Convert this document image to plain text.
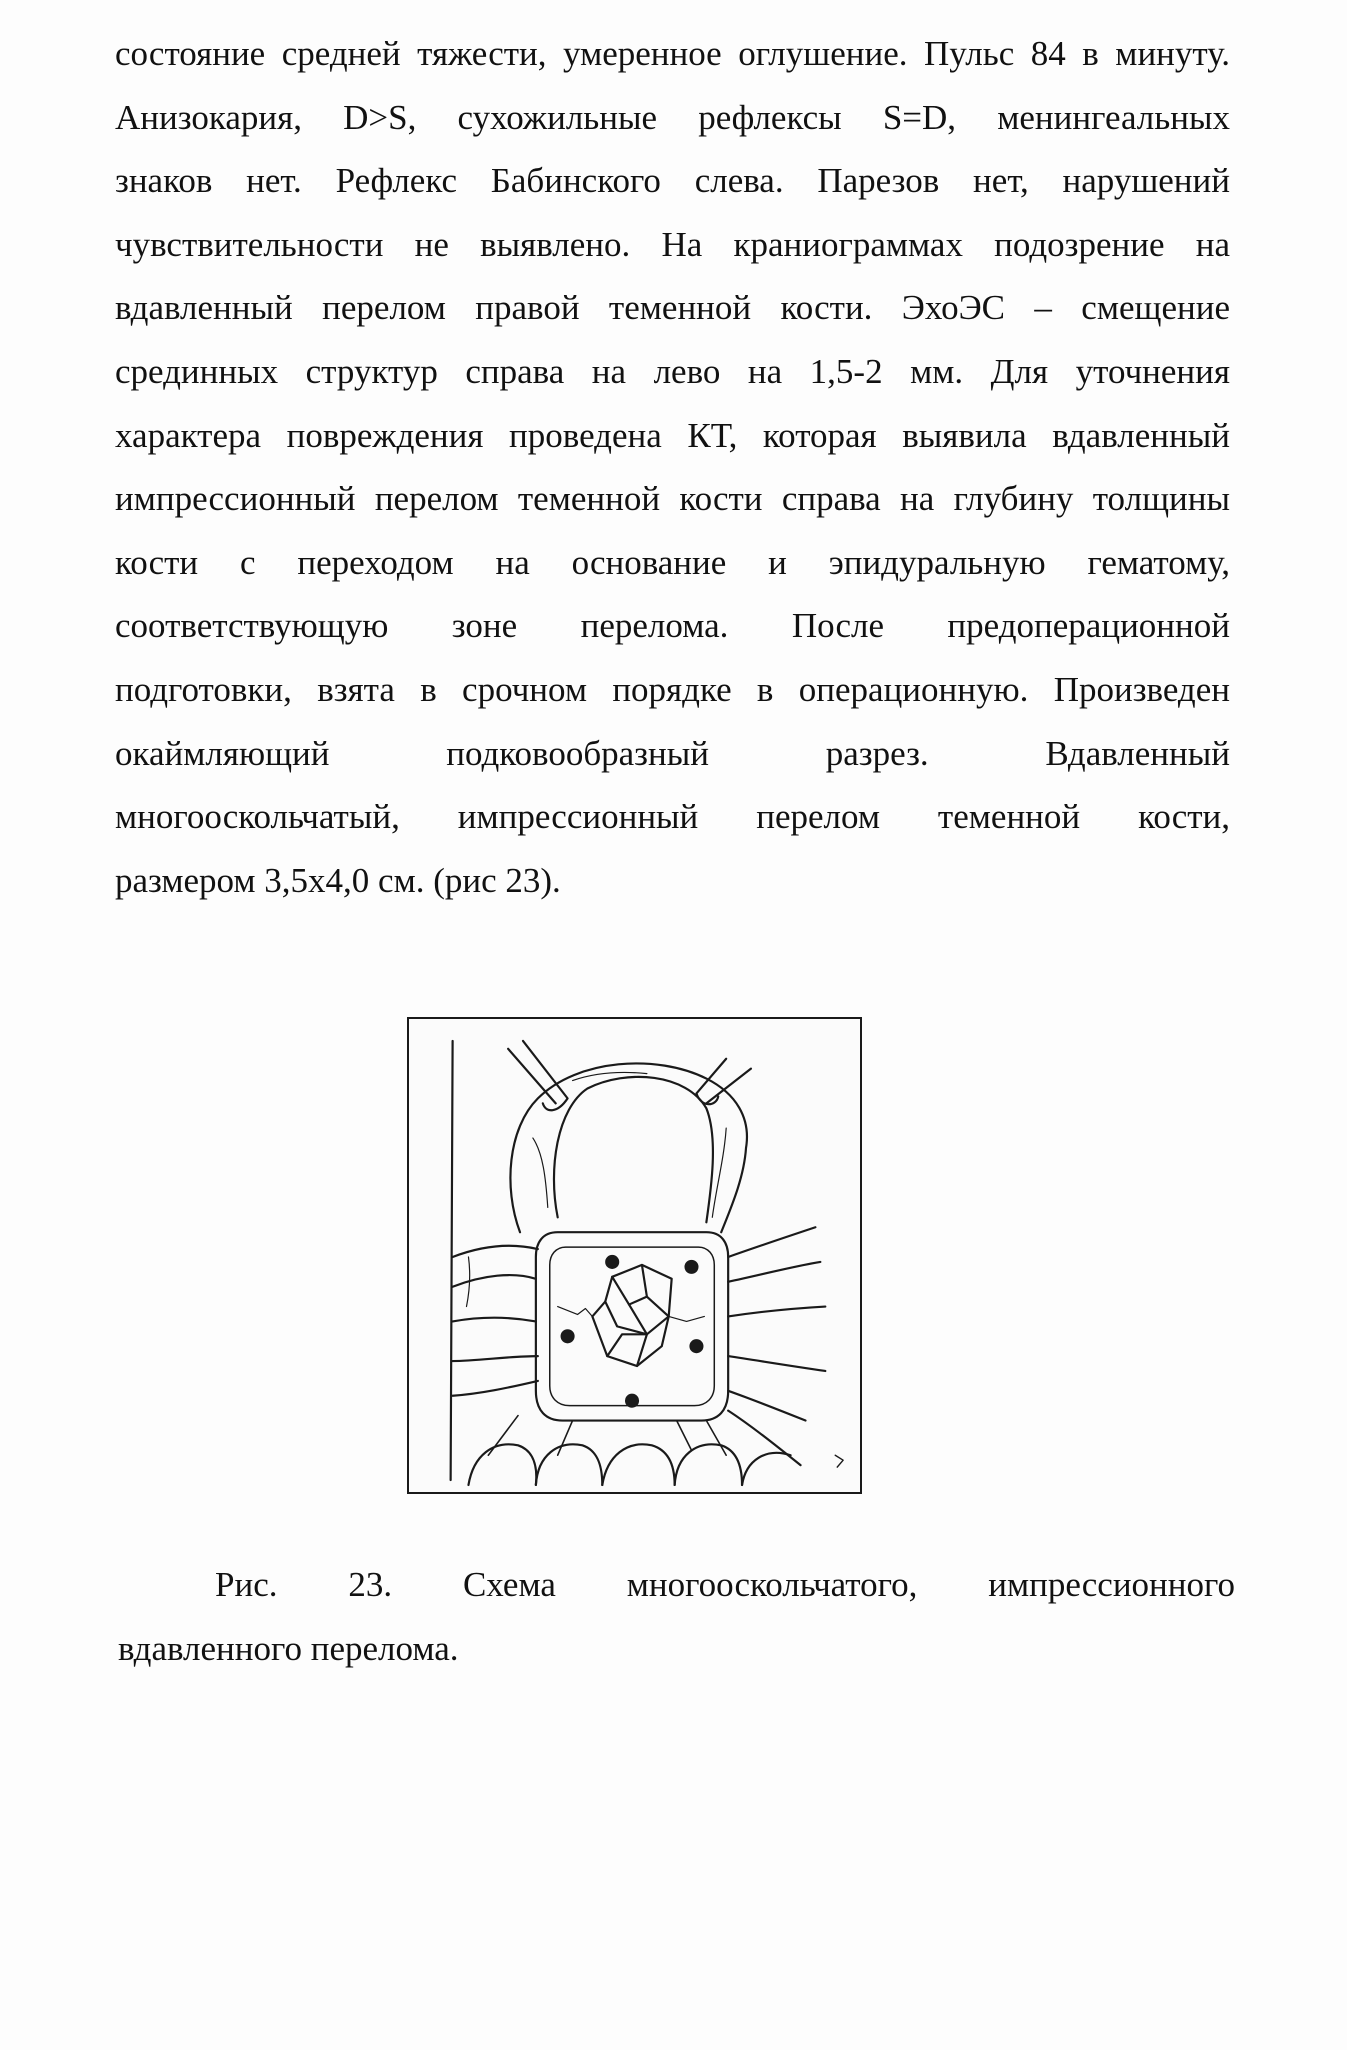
состояние средней тяжести, умеренное оглушение. Пульс 84 в минуту.
Анизокария, D>S, сухожильные рефлексы S=D, менингеальных
знаков нет. Рефлекс Бабинского слева. Парезов нет, нарушений
чувствительности не выявлено. На краниограммах подозрение на
вдавленный перелом правой теменной кости. ЭхоЭС – смещение
срединных структур справа на лево на 1,5-2 мм. Для уточнения
характера повреждения проведена КТ, которая выявила вдавленный
импрессионный перелом теменной кости справа на глубину толщины
кости с переходом на основание и эпидуральную гематому,
соответствующую зоне перелома. После предоперационной
подготовки, взята в срочном порядке в операционную. Произведен
окаймляющий подковообразный разрез. Вдавленный
многооскольчатый, импрессионный перелом теменной кости,
размером 3,5х4,0 см. (рис 23).
Рис. 23. Схема многооскольчатого, импрессионного
вдавленного перелома.
